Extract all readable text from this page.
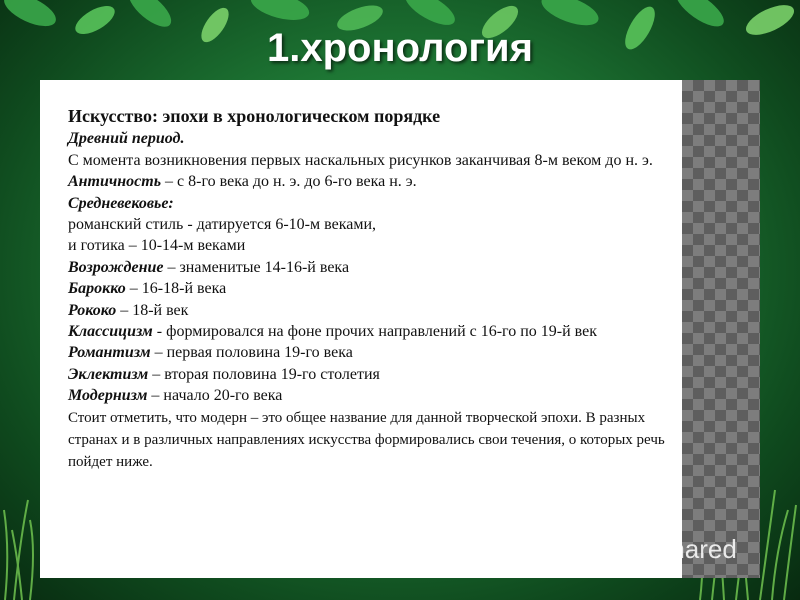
1.хронология
Искусство: эпохи в хронологическом порядке
Древний период.
С момента возникновения первых наскальных рисунков заканчивая 8-м веком до н. э.
Античность – с 8-го века до н. э. до 6-го века н. э.
Средневековье:
романский стиль - датируется 6-10-м веками,
и готика – 10-14-м веками
Возрождение – знаменитые 14-16-й века
Барокко – 16-18-й века
Рококо – 18-й век
Классицизм - формировался на фоне прочих направлений с 16-го по 19-й век
Романтизм – первая половина 19-го века
Эклектизм – вторая половина 19-го столетия
Модернизм – начало 20-го века
Стоит отметить, что модерн – это общее название для данной творческой эпохи. В разных странах и в различных направлениях искусства формировались свои течения, о которых речь пойдет ниже.
yShared
